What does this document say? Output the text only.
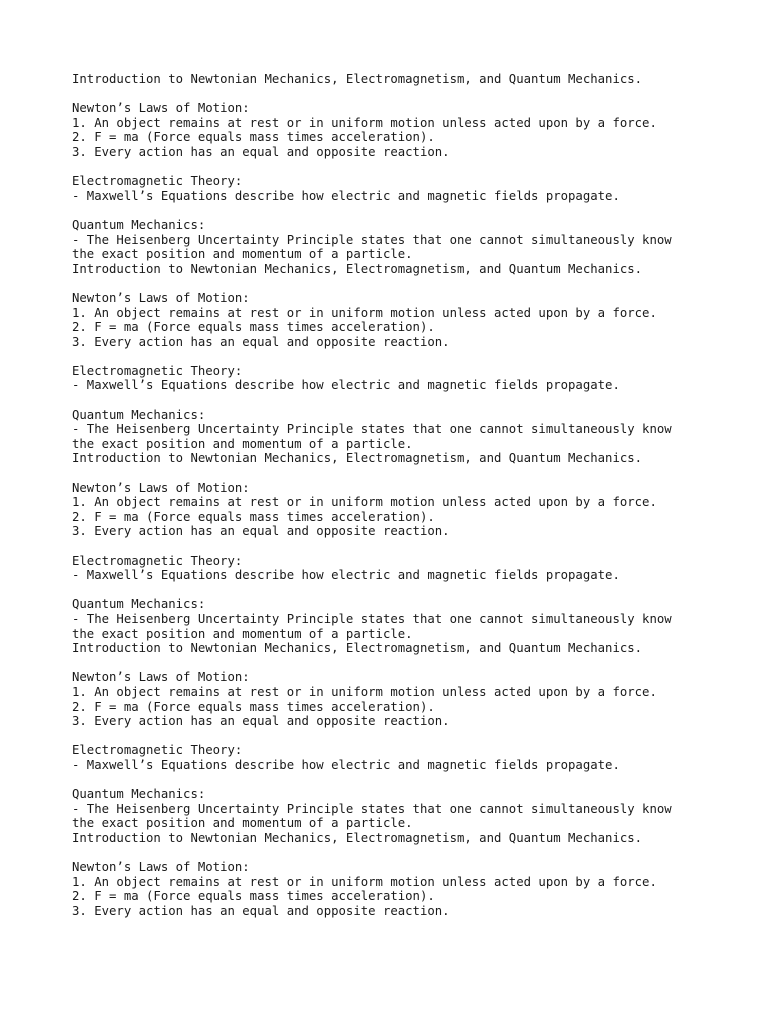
Introduction to Newtonian Mechanics, Electromagnetism, and Quantum Mechanics.
Newton’s Laws of Motion:
1. An object remains at rest or in uniform motion unless acted upon by a force.
2. F = ma (Force equals mass times acceleration).
3. Every action has an equal and opposite reaction.
Electromagnetic Theory:
- Maxwell’s Equations describe how electric and magnetic fields propagate.
Quantum Mechanics:
- The Heisenberg Uncertainty Principle states that one cannot simultaneously know
the exact position and momentum of a particle.
Introduction to Newtonian Mechanics, Electromagnetism, and Quantum Mechanics.
Newton’s Laws of Motion:
1. An object remains at rest or in uniform motion unless acted upon by a force.
2. F = ma (Force equals mass times acceleration).
3. Every action has an equal and opposite reaction.
Electromagnetic Theory:
- Maxwell’s Equations describe how electric and magnetic fields propagate.
Quantum Mechanics:
- The Heisenberg Uncertainty Principle states that one cannot simultaneously know
the exact position and momentum of a particle.
Introduction to Newtonian Mechanics, Electromagnetism, and Quantum Mechanics.
Newton’s Laws of Motion:
1. An object remains at rest or in uniform motion unless acted upon by a force.
2. F = ma (Force equals mass times acceleration).
3. Every action has an equal and opposite reaction.
Electromagnetic Theory:
- Maxwell’s Equations describe how electric and magnetic fields propagate.
Quantum Mechanics:
- The Heisenberg Uncertainty Principle states that one cannot simultaneously know
the exact position and momentum of a particle.
Introduction to Newtonian Mechanics, Electromagnetism, and Quantum Mechanics.
Newton’s Laws of Motion:
1. An object remains at rest or in uniform motion unless acted upon by a force.
2. F = ma (Force equals mass times acceleration).
3. Every action has an equal and opposite reaction.
Electromagnetic Theory:
- Maxwell’s Equations describe how electric and magnetic fields propagate.
Quantum Mechanics:
- The Heisenberg Uncertainty Principle states that one cannot simultaneously know
the exact position and momentum of a particle.
Introduction to Newtonian Mechanics, Electromagnetism, and Quantum Mechanics.
Newton’s Laws of Motion:
1. An object remains at rest or in uniform motion unless acted upon by a force.
2. F = ma (Force equals mass times acceleration).
3. Every action has an equal and opposite reaction.
